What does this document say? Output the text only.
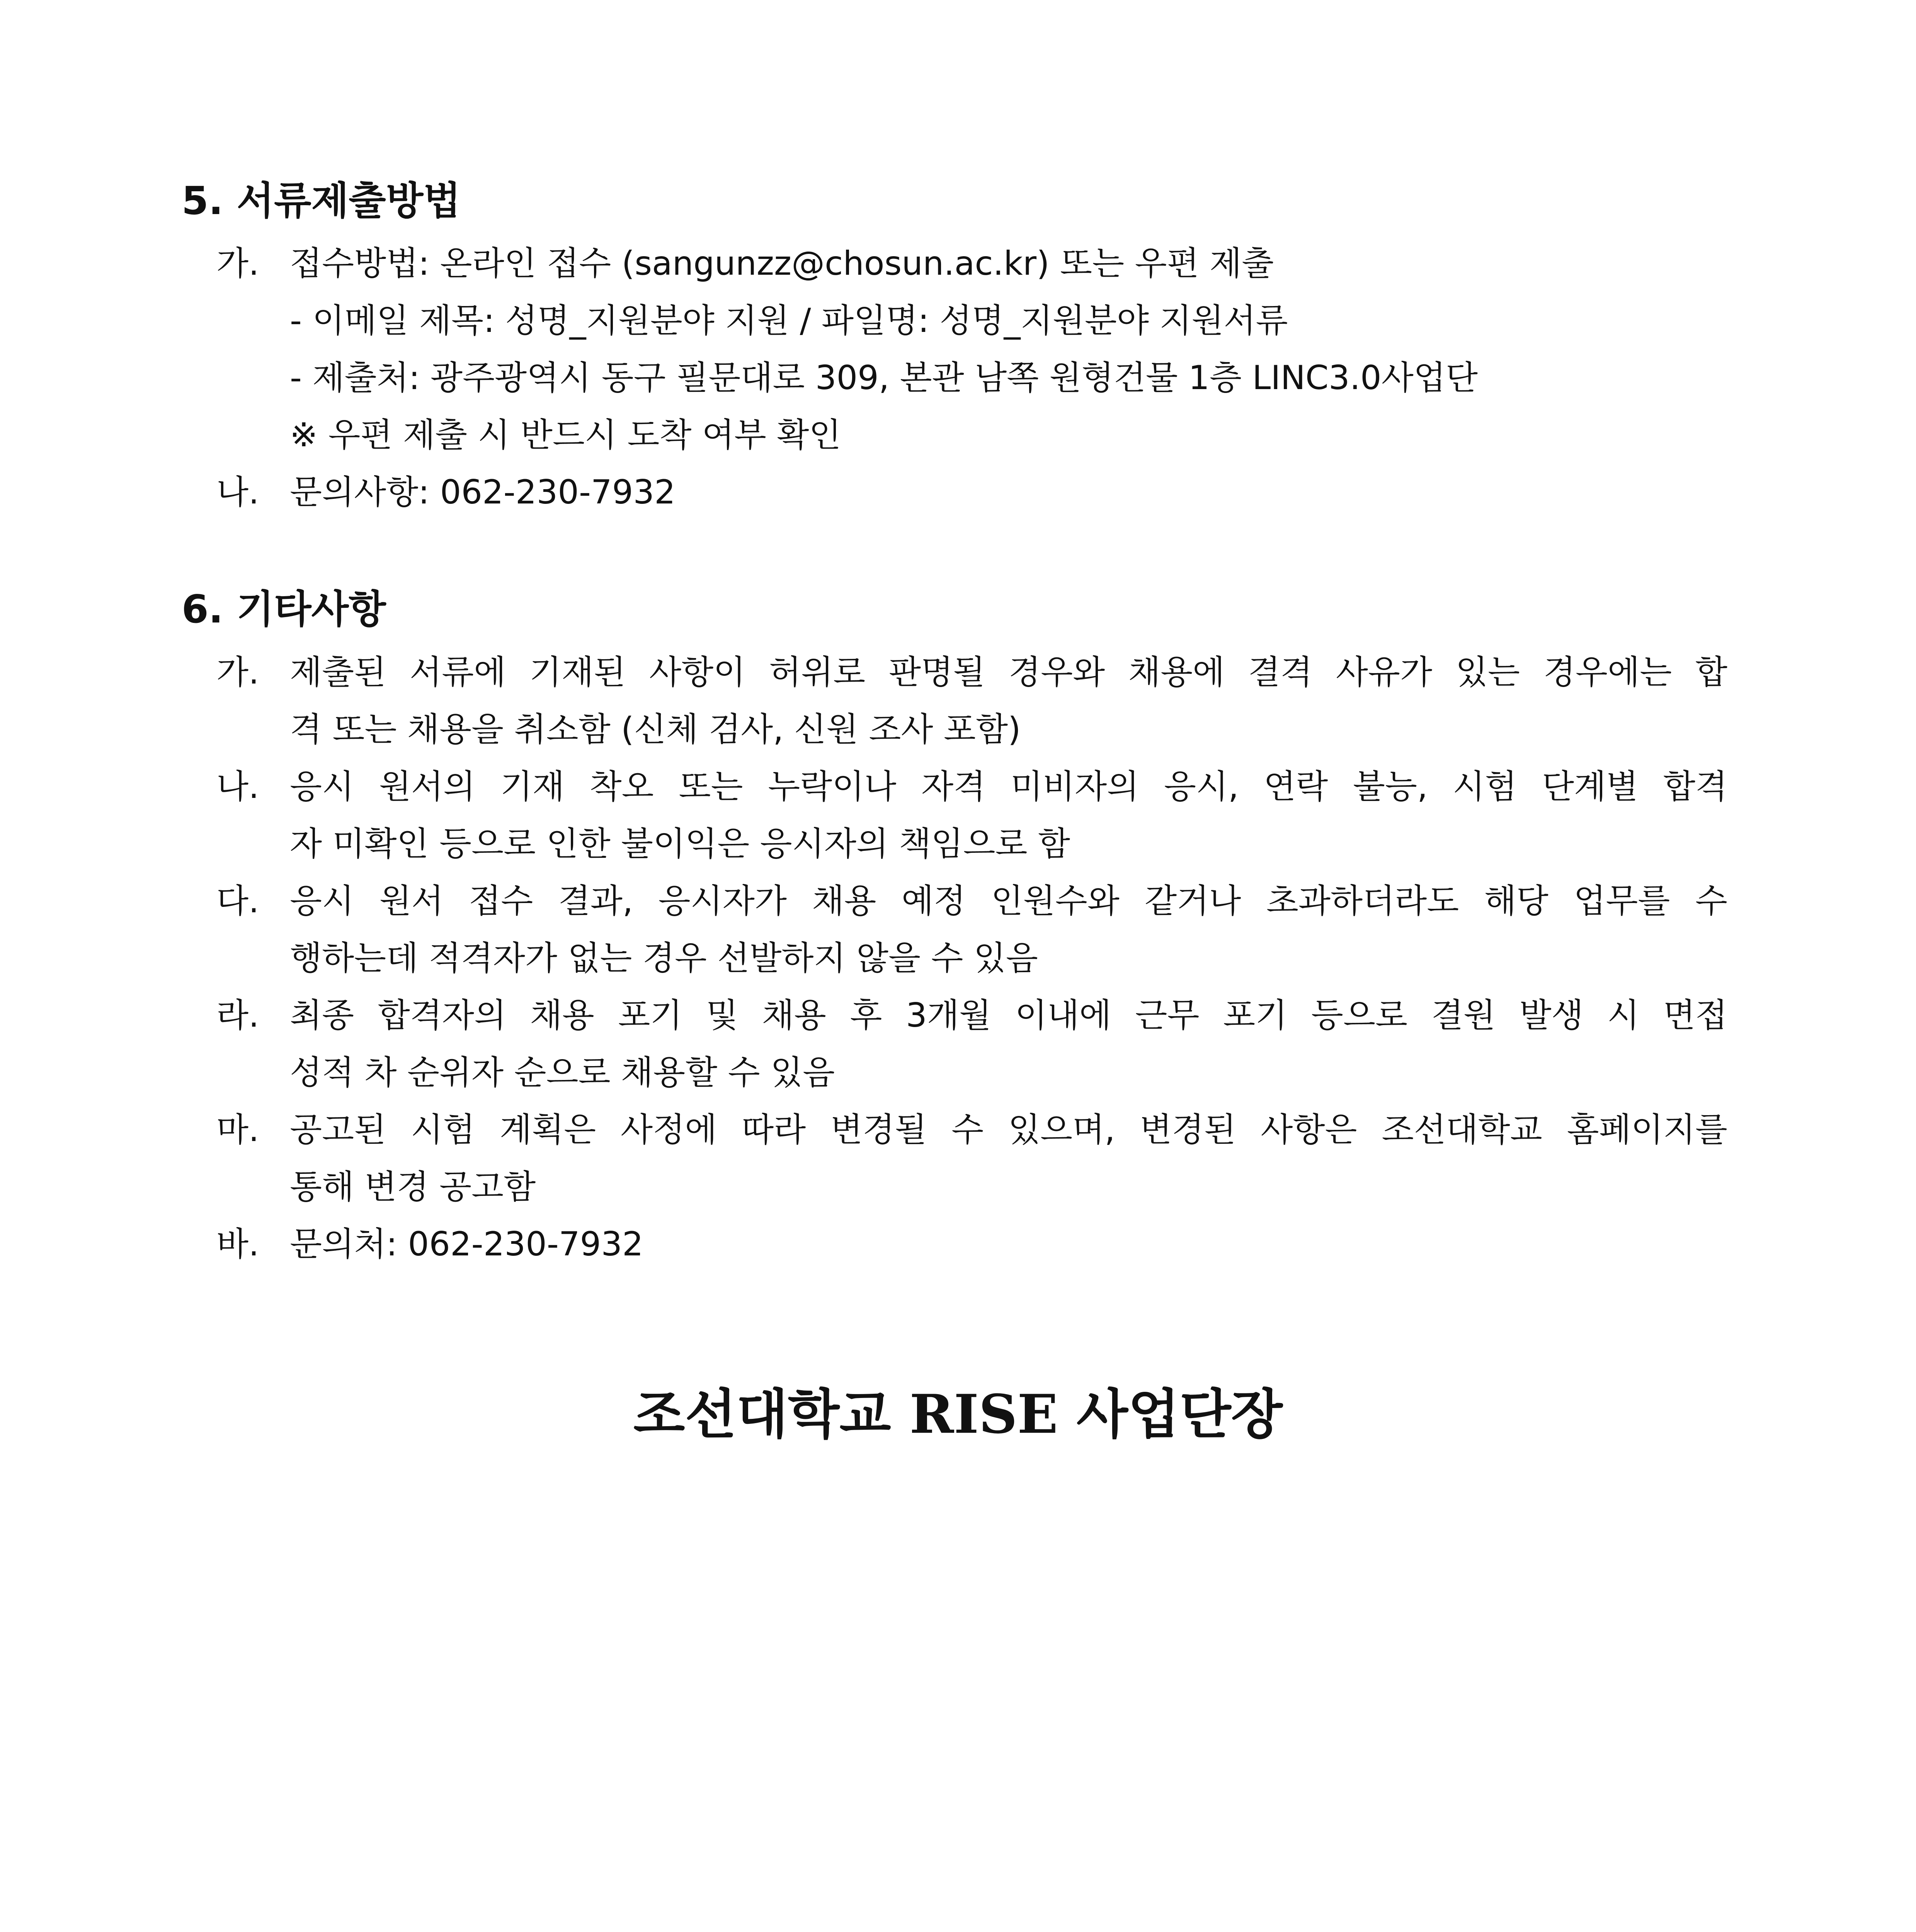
5. 서류제출방법
가. 접수방법: 온라인 접수 (sangunzz@chosun.ac.kr) 또는 우편 제출
- 이메일 제목: 성명_지원분야 지원 / 파일명: 성명_지원분야 지원서류
- 제출처: 광주광역시 동구 필문대로 309, 본관 남쪽 원형건물 1층 LINC3.0사업단
※ 우편 제출 시 반드시 도착 여부 확인
나. 문의사항: 062-230-7932
6. 기타사항
가. 제출된 서류에 기재된 사항이 허위로 판명될 경우와 채용에 결격 사유가 있는 경우에는 합
격 또는 채용을 취소함 (신체 검사, 신원 조사 포함)
나. 응시 원서의 기재 착오 또는 누락이나 자격 미비자의 응시, 연락 불능, 시험 단계별 합격
자 미확인 등으로 인한 불이익은 응시자의 책임으로 함
다. 응시 원서 접수 결과, 응시자가 채용 예정 인원수와 같거나 초과하더라도 해당 업무를 수
행하는데 적격자가 없는 경우 선발하지 않을 수 있음
라. 최종 합격자의 채용 포기 및 채용 후 3개월 이내에 근무 포기 등으로 결원 발생 시 면접
성적 차 순위자 순으로 채용할 수 있음
마. 공고된 시험 계획은 사정에 따라 변경될 수 있으며, 변경된 사항은 조선대학교 홈페이지를
통해 변경 공고함
바. 문의처: 062-230-7932
조선대학교 RISE 사업단장
